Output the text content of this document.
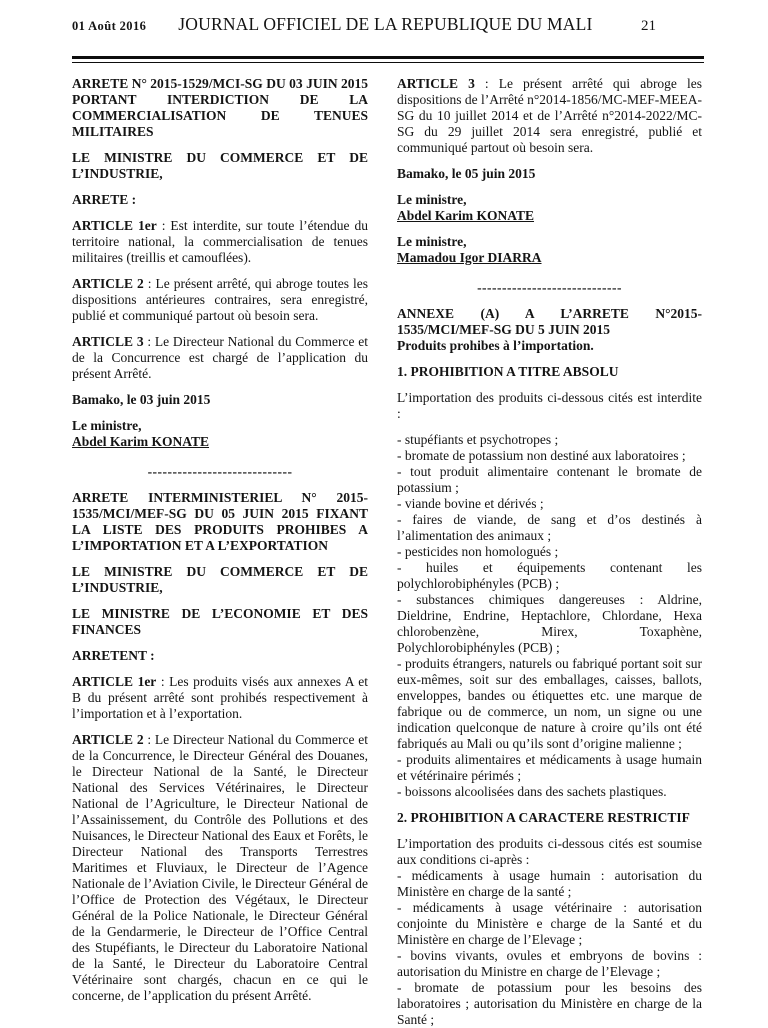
01 Août 2016 JOURNAL OFFICIEL DE LA REPUBLIQUE DU MALI	21

ARRETE N° 2015-1529/MCI-SG DU 03 JUIN 2015 PORTANT INTERDICTION DE LA COMMERCIALISATION DE TENUES MILITAIRES

LE MINISTRE DU COMMERCE ET DE L’INDUSTRIE,

ARRETE :

ARTICLE 1er : Est interdite, sur toute l’étendue du territoire national, la commercialisation de tenues militaires (treillis et camouflées).

ARTICLE 2 : Le présent arrêté, qui abroge toutes les dispositions antérieures contraires, sera enregistré, publié et communiqué partout où besoin sera.

ARTICLE 3 : Le Directeur National du Commerce et de la Concurrence est chargé de l’application du présent Arrêté.

Bamako, le 03 juin 2015

Le ministre,
Abdel Karim KONATE
-----------------------------

ARRETE INTERMINISTERIEL N° 2015-1535/MCI/MEF-SG DU 05 JUIN 2015 FIXANT LA LISTE DES PRODUITS PROHIBES A L’IMPORTATION ET A L’EXPORTATION

LE MINISTRE DU COMMERCE ET DE L’INDUSTRIE,

LE MINISTRE DE L’ECONOMIE ET DES FINANCES

ARRETENT :

ARTICLE 1er : Les produits visés aux annexes A et B du présent arrêté sont prohibés respectivement à l’importation et à l’exportation.

ARTICLE 2 : Le Directeur National du Commerce et de la Concurrence, le Directeur Général des Douanes, le Directeur National de la Santé, le Directeur National des Services Vétérinaires, le Directeur National de l’Agriculture, le Directeur National de l’Assainissement, du Contrôle des Pollutions et des Nuisances, le Directeur National des Eaux et Forêts, le Directeur National des Transports Terrestres Maritimes et Fluviaux, le Directeur de l’Agence Nationale de l’Aviation Civile, le Directeur Général de l’Office de Protection des Végétaux, le Directeur Général de la Police Nationale, le Directeur Général de la Gendarmerie, le Directeur de l’Office Central des Stupéfiants, le Directeur du Laboratoire National de la Santé, le Directeur du Laboratoire Central Vétérinaire sont chargés, chacun en ce qui le concerne, de l’application du présent Arrêté.

ARTICLE 3 : Le présent arrêté qui abroge les dispositions de l’Arrêté n°2014-1856/MC-MEF-MEEA-SG du 10 juillet 2014 et de l’Arrêté n°2014-2022/MC-SG du 29 juillet 2014 sera enregistré, publié et communiqué partout où besoin sera.

Bamako, le 05 juin 2015

Le ministre,
Abdel Karim KONATE
Le ministre,
Mamadou Igor DIARRA
-----------------------------
ANNEXE (A) A L’ARRETE N°2015-1535/MCI/MEF-SG DU 5 JUIN 2015
Produits prohibes à l’importation.

1. PROHIBITION A TITRE ABSOLU

L’importation des produits ci-dessous cités est interdite :

- stupéfiants et psychotropes ;
- bromate de potassium non destiné aux laboratoires ;
- tout produit alimentaire contenant le bromate de potassium ;
- viande bovine et dérivés ;
- faires de viande, de sang et d’os destinés à l’alimentation des animaux ;
- pesticides non homologués ;
- huiles et équipements contenant les polychlorobiphényles (PCB) ;
- substances chimiques dangereuses : Aldrine, Dieldrine, Endrine, Heptachlore, Chlordane, Hexa chlorobenzène, Mirex, Toxaphène, Polychlorobiphényles (PCB) ;
- produits étrangers, naturels ou fabriqué portant soit sur eux-mêmes, soit sur des emballages, caisses, ballots, enveloppes, bandes ou étiquettes etc. une marque de fabrique ou de commerce, un nom, un signe ou une indication quelconque de nature à croire qu’ils ont été fabriqués au Mali ou qu’ils sont d’origine malienne ;
- produits alimentaires et médicaments à usage humain et vétérinaire périmés ;
- boissons alcoolisées dans des sachets plastiques.

2. PROHIBITION A CARACTERE RESTRICTIF

L’importation des produits ci-dessous cités est soumise aux conditions ci-après :
- médicaments à usage humain : autorisation du Ministère en charge de la santé ;
- médicaments à usage vétérinaire : autorisation conjointe du Ministère e charge de la Santé et du Ministère en charge de l’Elevage ;
- bovins vivants, ovules et embryons de bovins : autorisation du Ministre en charge de l’Elevage ;
- bromate de potassium pour les besoins des laboratoires ; autorisation du Ministère en charge de la Santé ;
